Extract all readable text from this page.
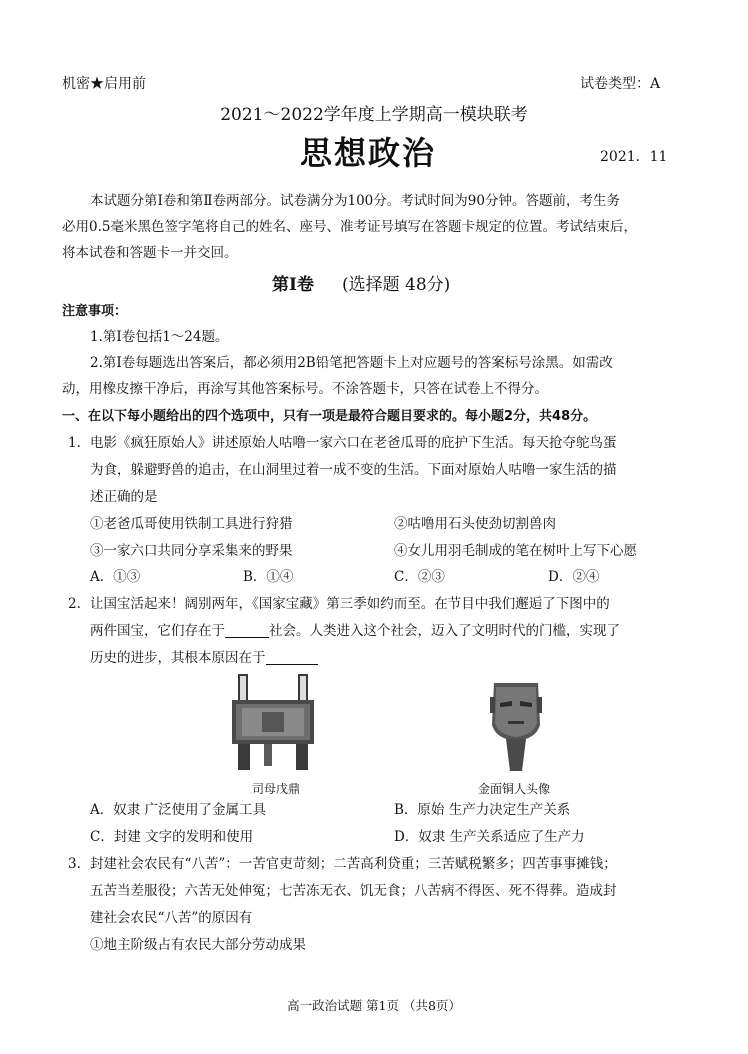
机密★启用前	试卷类型：A
2021～2022学年度上学期高一模块联考
思想政治	2021．11
本试题分第Ⅰ卷和第Ⅱ卷两部分。试卷满分为100分。考试时间为90分钟。答题前，考生务
必用0.5毫米黑色签字笔将自己的姓名、座号、准考证号填写在答题卡规定的位置。考试结束后，
将本试卷和答题卡一并交回。
第Ⅰ卷 (选择题 48分)
注意事项：
1.第Ⅰ卷包括1～24题。
2.第Ⅰ卷每题选出答案后，都必须用2B铅笔把答题卡上对应题号的答案标号涂黑。如需改
动，用橡皮擦干净后，再涂写其他答案标号。不涂答题卡，只答在试卷上不得分。
一、在以下每小题给出的四个选项中，只有一项是最符合题目要求的。每小题2分，共48分。
1. 电影《疯狂原始人》讲述原始人咕噜一家六口在老爸瓜哥的庇护下生活。每天抢夺鸵鸟蛋
为食，躲避野兽的追击，在山洞里过着一成不变的生活。下面对原始人咕噜一家生活的描
述正确的是
①老爸瓜哥使用铁制工具进行狩猎	②咕噜用石头使劲切割兽肉
③一家六口共同分享采集来的野果	④女儿用羽毛制成的笔在树叶上写下心愿
A．①③	B．①④	C．②③	D．②④
2. 让国宝活起来！阔别两年，《国家宝藏》第三季如约而至。在节目中我们邂逅了下图中的
两件国宝，它们存在于	社会。人类进入这个社会，迈入了文明时代的门槛，实现了
历史的进步，其根本原因在于
司母戊鼎	金面铜人头像
A．奴隶 广泛使用了金属工具	B．原始 生产力决定生产关系
C．封建 文字的发明和使用	D．奴隶 生产关系适应了生产力
3. 封建社会农民有“八苦”：一苦官吏苛刻；二苦高利贷重；三苦赋税繁多；四苦事事摊钱；
五苦当差服役；六苦无处伸冤；七苦冻无衣、饥无食；八苦病不得医、死不得葬。造成封
建社会农民“八苦”的原因有
①地主阶级占有农民大部分劳动成果
高一政治试题 第1页 （共8页）
